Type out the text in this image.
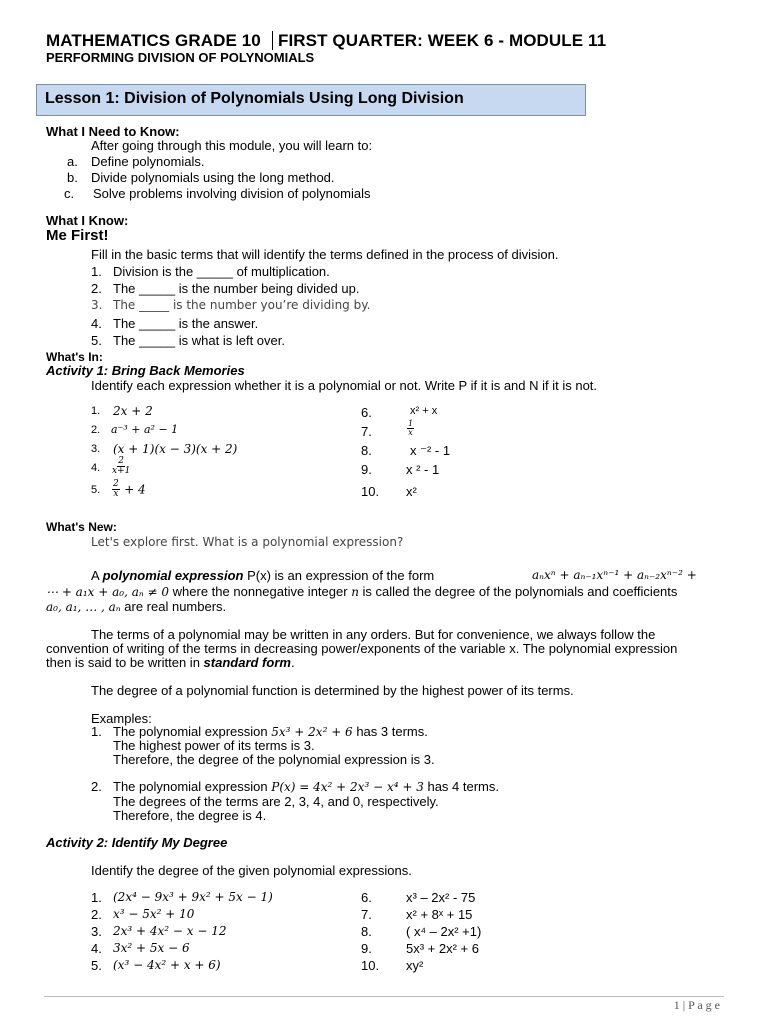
MATHEMATICS GRADE 10 FIRST QUARTER: WEEK 6 - MODULE 11
PERFORMING DIVISION OF POLYNOMIALS
Lesson 1: Division of Polynomials Using Long Division
What I Need to Know:
After going through this module, you will learn to:
a. Define polynomials.
b. Divide polynomials using the long method.
c. Solve problems involving division of polynomials
What I Know:
Me First!
Fill in the basic terms that will identify the terms defined in the process of division.
1. Division is the _____ of multiplication.
2. The _____ is the number being divided up.
3. The _____ is the number you’re dividing by.
4. The _____ is the answer.
5. The _____ is what is left over.
What's In:
Activity 1: Bring Back Memories
Identify each expression whether it is a polynomial or not. Write P if it is and N if it is not.
1. 2x + 2
2. a⁻³ + a² − 1
3. (x + 1)(x − 3)(x + 2)
4. $\frac{2}{x+1}$
5. $\frac{2}{x} + 4$
6.	x² + x
7.	$\frac{1}{x}$
8.	x ⁻² - 1
9.	x ² - 1
10. x²
What's New:
Let's explore first. What is a polynomial expression?
A polynomial expression P(x) is an expression of the form	aₙxⁿ + aₙ₋₁xⁿ⁻¹ + aₙ₋₂xⁿ⁻² +
⋯ + a₁x + a₀, aₙ ≠ 0 where the nonnegative integer n is called the degree of the polynomials and coefficients
a₀, a₁, … , aₙ are real numbers.
The terms of a polynomial may be written in any orders. But for convenience, we always follow the
convention of writing of the terms in decreasing power/exponents of the variable x. The polynomial expression
then is said to be written in standard form.
The degree of a polynomial function is determined by the highest power of its terms.
Examples:
1. The polynomial expression 5x³ + 2x² + 6 has 3 terms.
The highest power of its terms is 3.
Therefore, the degree of the polynomial expression is 3.
2. The polynomial expression P(x) = 4x² + 2x³ − x⁴ + 3 has 4 terms.
The degrees of the terms are 2, 3, 4, and 0, respectively.
Therefore, the degree is 4.
Activity 2: Identify My Degree
Identify the degree of the given polynomial expressions.
1. (2x⁴ − 9x³ + 9x² + 5x − 1)
2. x³ − 5x² + 10
3. 2x³ + 4x² − x − 12
4. 3x² + 5x − 6
5. (x³ − 4x² + x + 6)
6.	x³ – 2x² - 75
7.	x² + 8ˣ + 15
8.	( x⁴ – 2x² +1)
9.	5x³ + 2x² + 6
10. xy²
1 | P a g e
